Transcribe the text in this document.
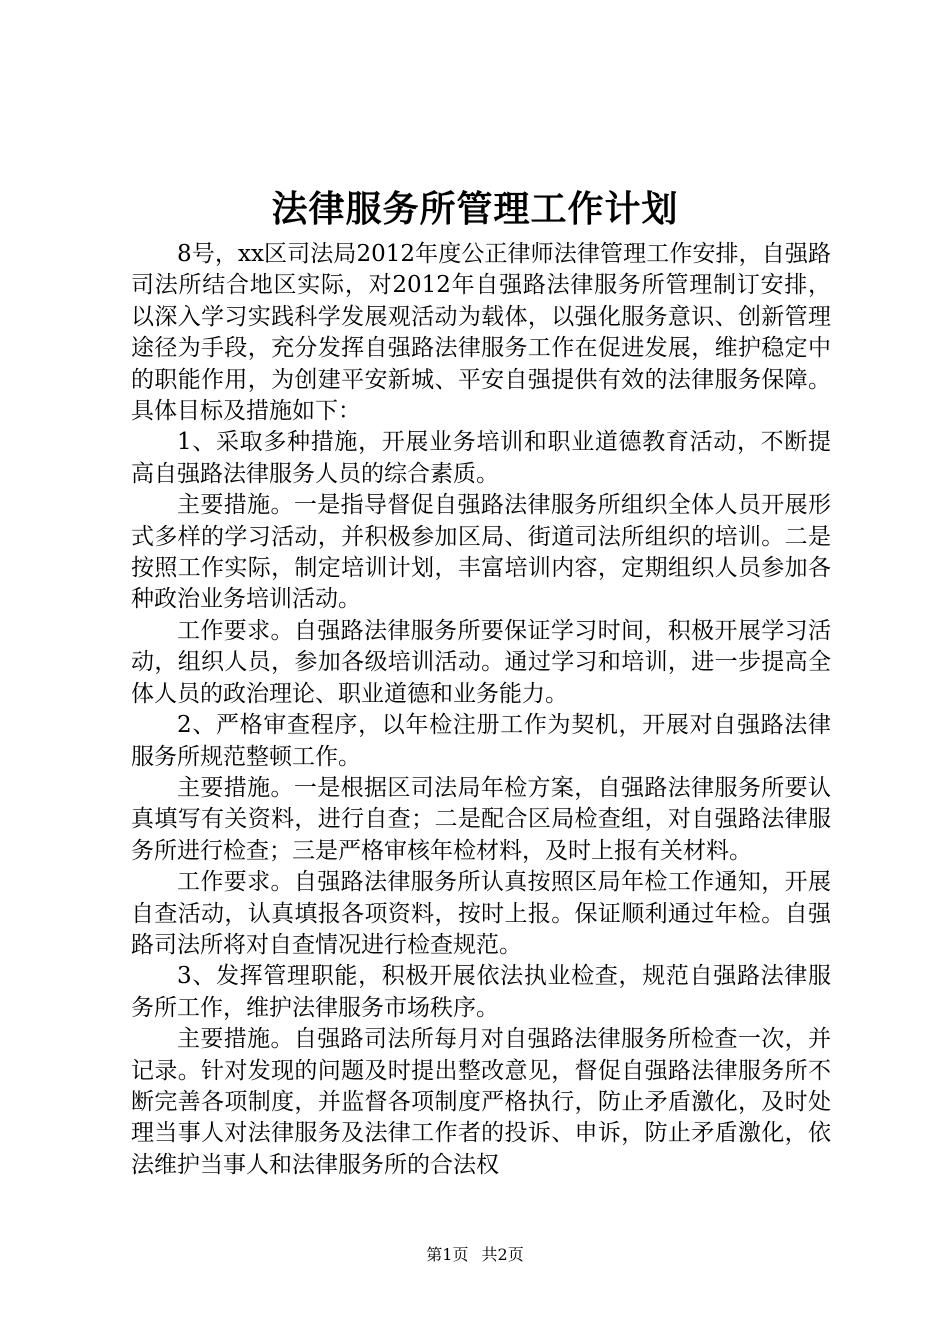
法律服务所管理工作计划

8号，xx区司法局2012年度公正律师法律管理工作安排，自强路司法所结合地区实际，对2012年自强路法律服务所管理制订安排，以深入学习实践科学发展观活动为载体，以强化服务意识、创新管理途径为手段，充分发挥自强路法律服务工作在促进发展，维护稳定中的职能作用，为创建平安新城、平安自强提供有效的法律服务保障。具体目标及措施如下：

1、采取多种措施，开展业务培训和职业道德教育活动，不断提高自强路法律服务人员的综合素质。

主要措施。一是指导督促自强路法律服务所组织全体人员开展形式多样的学习活动，并积极参加区局、街道司法所组织的培训。二是按照工作实际，制定培训计划，丰富培训内容，定期组织人员参加各种政治业务培训活动。

工作要求。自强路法律服务所要保证学习时间，积极开展学习活动，组织人员，参加各级培训活动。通过学习和培训，进一步提高全体人员的政治理论、职业道德和业务能力。

2、严格审查程序，以年检注册工作为契机，开展对自强路法律服务所规范整顿工作。

主要措施。一是根据区司法局年检方案，自强路法律服务所要认真填写有关资料，进行自查；二是配合区局检查组，对自强路法律服务所进行检查；三是严格审核年检材料，及时上报有关材料。

工作要求。自强路法律服务所认真按照区局年检工作通知，开展自查活动，认真填报各项资料，按时上报。保证顺利通过年检。自强路司法所将对自查情况进行检查规范。

3、发挥管理职能，积极开展依法执业检查，规范自强路法律服务所工作，维护法律服务市场秩序。

主要措施。自强路司法所每月对自强路法律服务所检查一次，并记录。针对发现的问题及时提出整改意见，督促自强路法律服务所不断完善各项制度，并监督各项制度严格执行，防止矛盾激化，及时处理当事人对法律服务及法律工作者的投诉、申诉，防止矛盾激化，依法维护当事人和法律服务所的合法权

第1页 共2页
